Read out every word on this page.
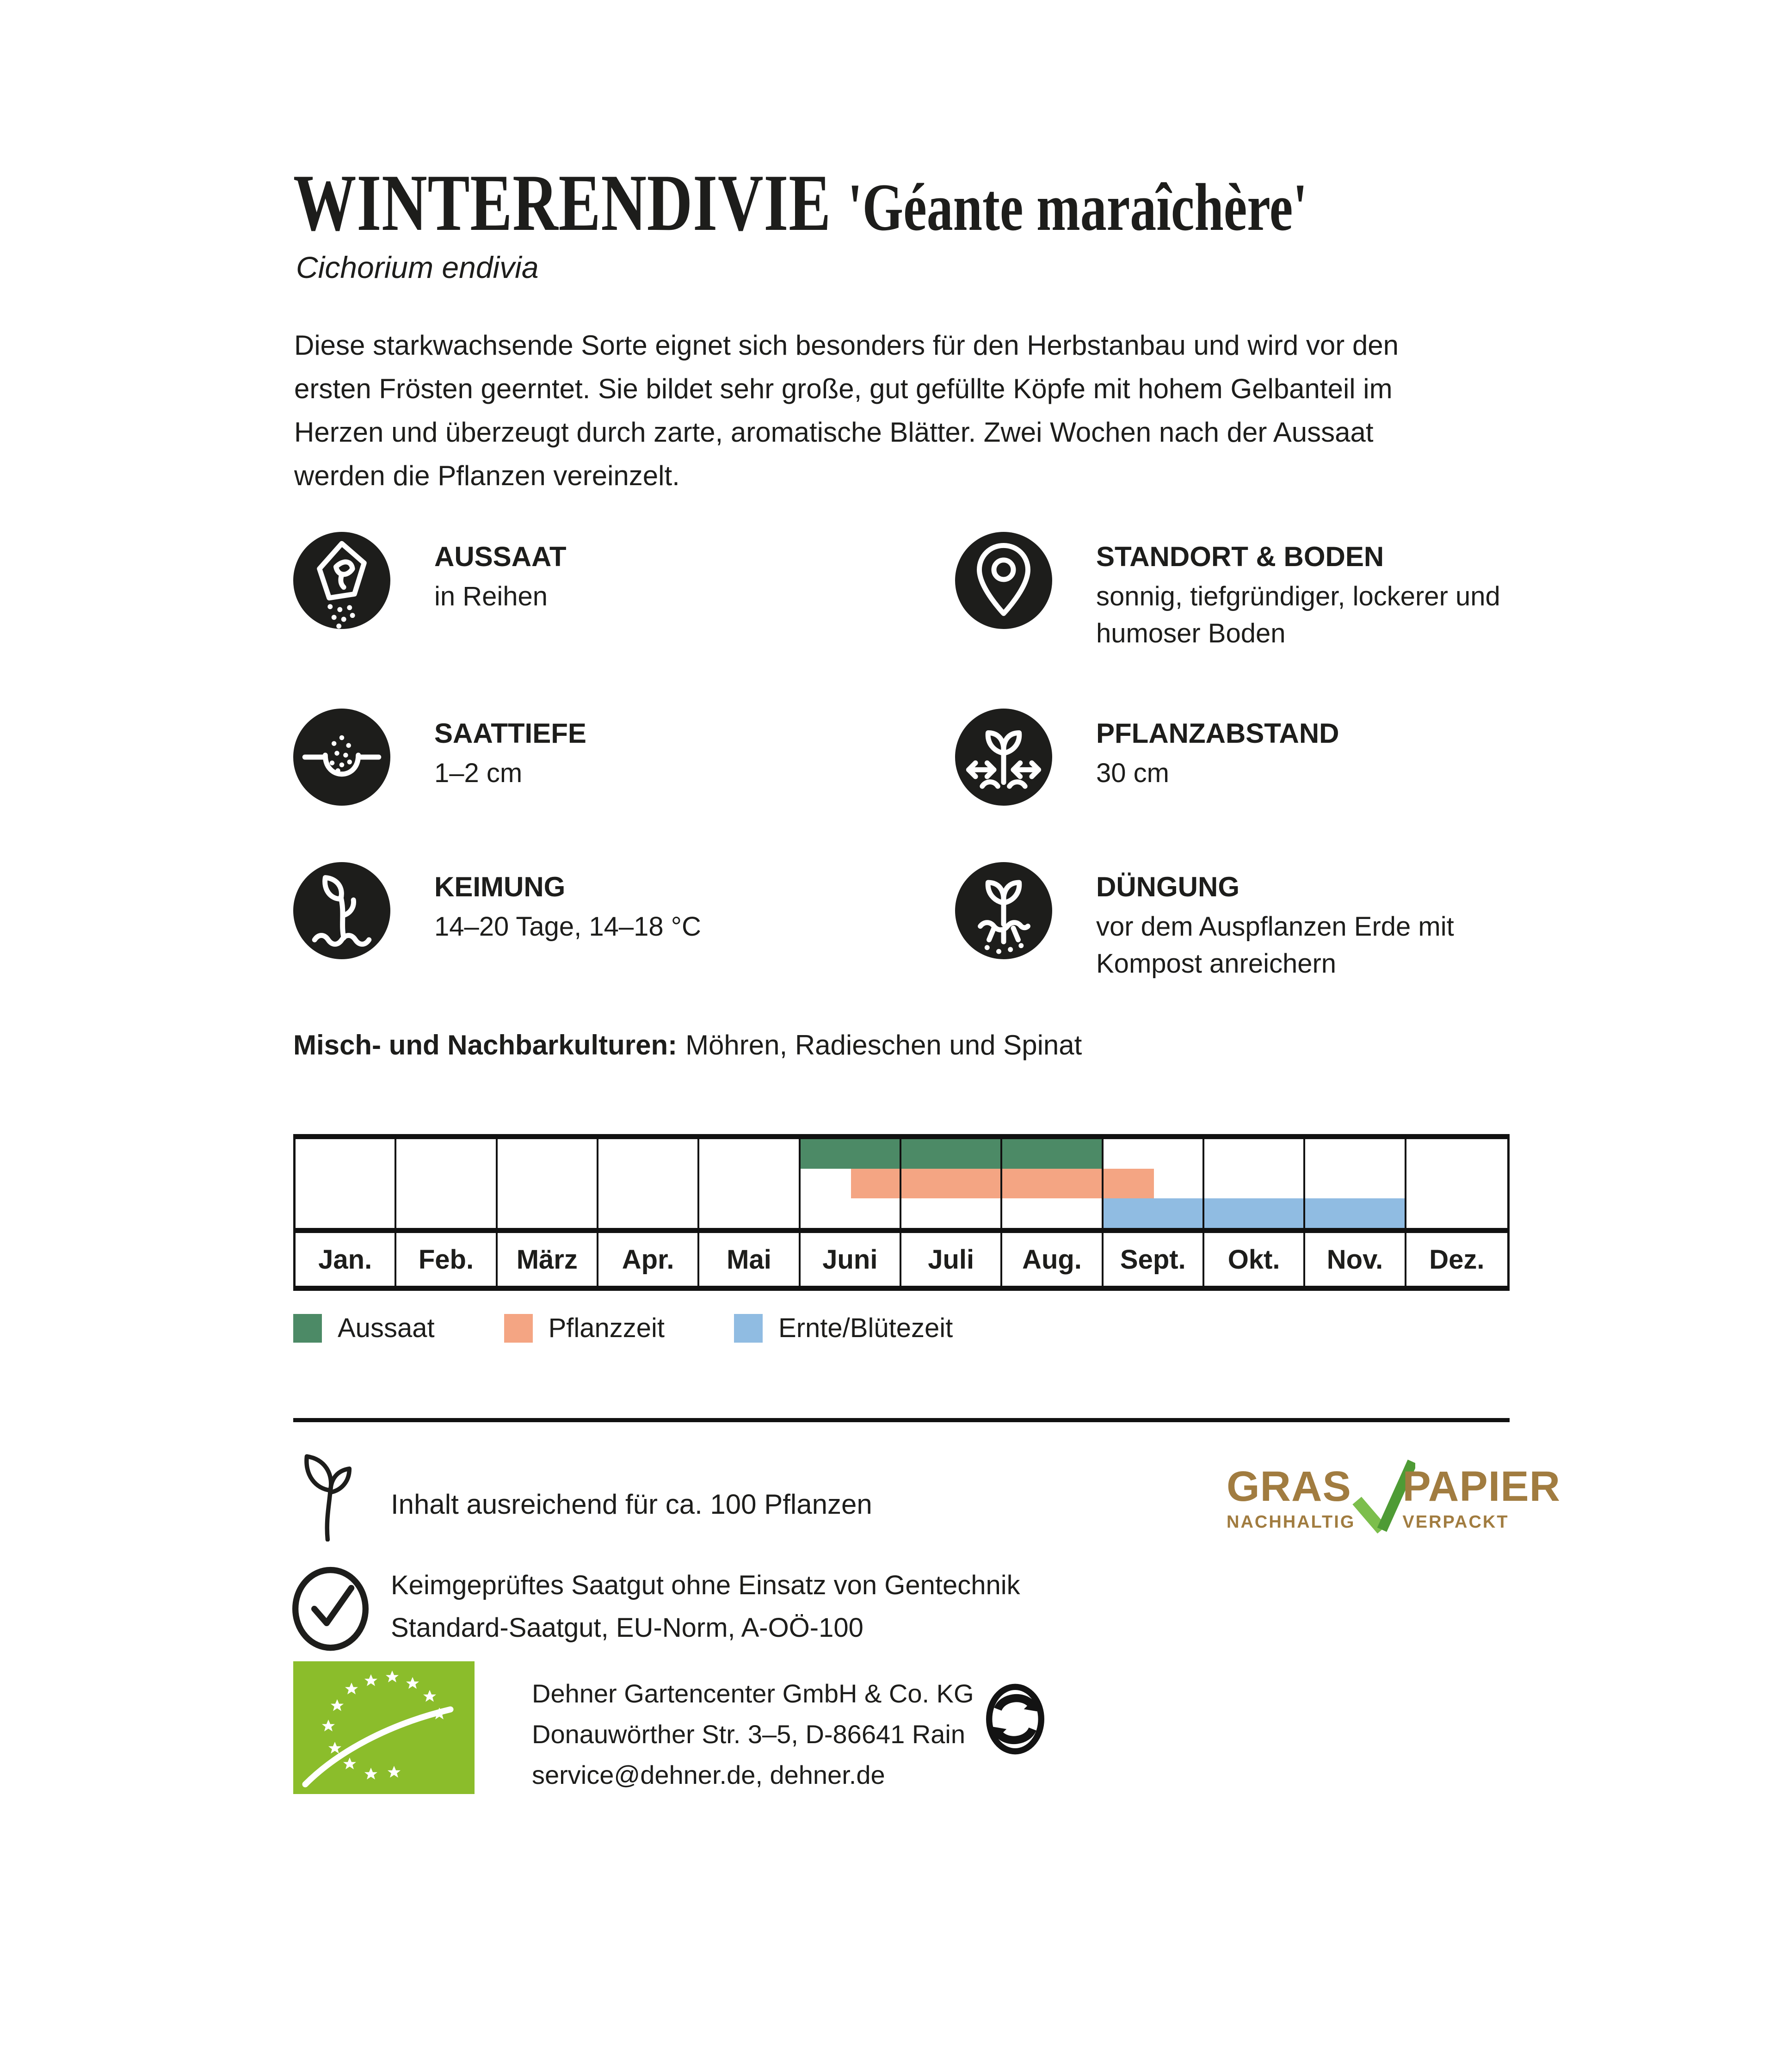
WINTERENDIVIE 'Géante maraîchère'
Cichorium endivia
Diese starkwachsende Sorte eignet sich besonders für den Herbstanbau und wird vor den
ersten Frösten geerntet. Sie bildet sehr große, gut gefüllte Köpfe mit hohem Gelbanteil im
Herzen und überzeugt durch zarte, aromatische Blätter. Zwei Wochen nach der Aussaat
werden die Pflanzen vereinzelt.
AUSSAAT
in Reihen
STANDORT & BODEN
sonnig, tiefgründiger, lockerer und humoser Boden
SAATTIEFE
1–2 cm
PFLANZABSTAND
30 cm
KEIMUNG
14–20 Tage, 14–18 °C
DÜNGUNG
vor dem Auspflanzen Erde mit Kompost anreichern
Misch- und Nachbarkulturen: Möhren, Radieschen und Spinat
Jan.	Feb.	März	Apr.	Mai	Juni	Juli	Aug.	Sept.	Okt.	Nov.	Dez.
Aussaat	Pflanzzeit	Ernte/Blütezeit
Inhalt ausreichend für ca. 100 Pflanzen	GRAS
NACHHALTIG
PAPIER
VERPACKT
Keimgeprüftes Saatgut ohne Einsatz von Gentechnik
Standard-Saatgut, EU-Norm, A-OÖ-100
Dehner Gartencenter GmbH & Co. KG
Donauwörther Str. 3–5, D-86641 Rain
service@dehner.de, dehner.de
